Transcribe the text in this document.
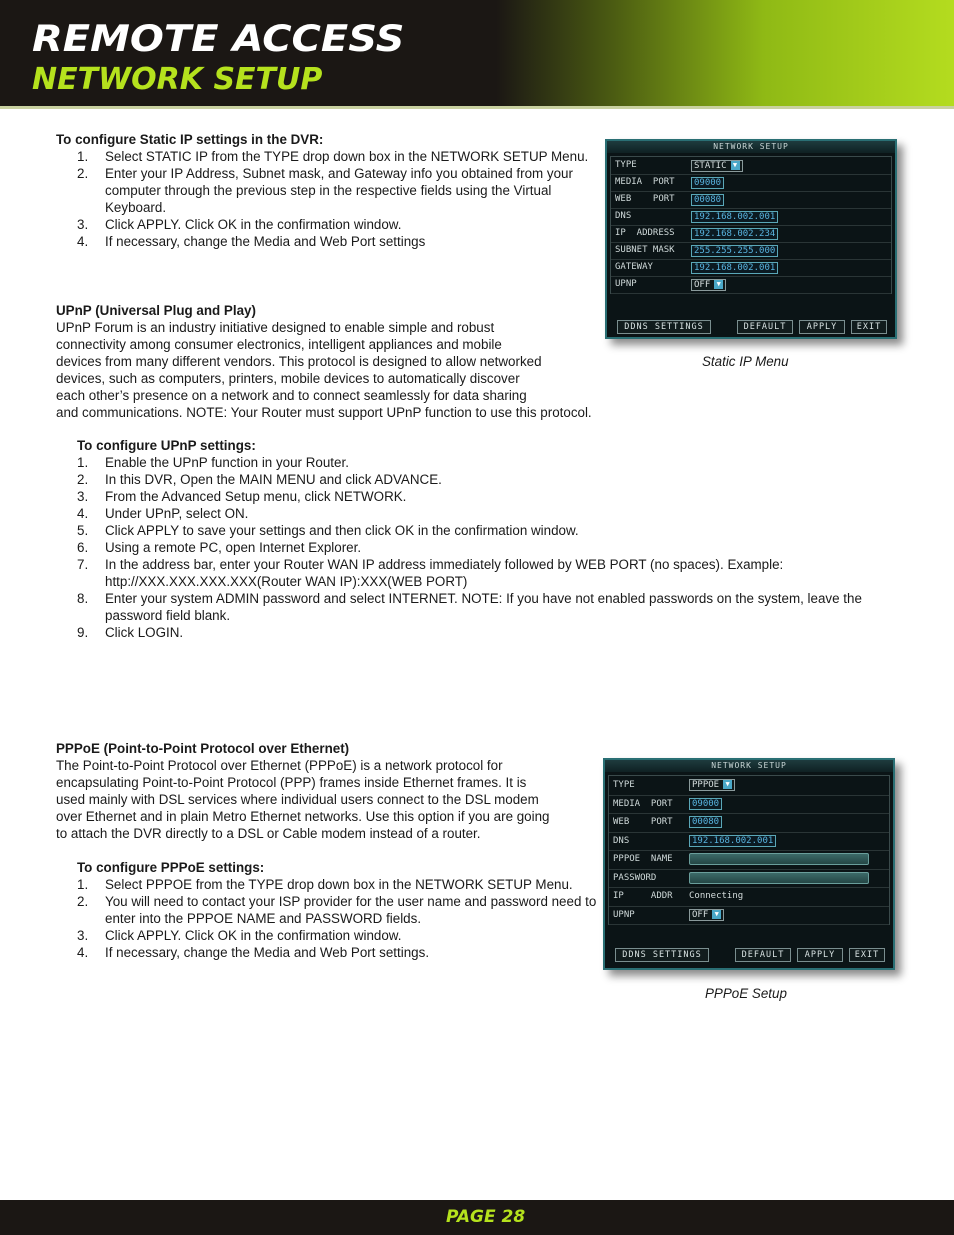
REMOTE ACCESS
NETWORK SETUP
To configure Static IP settings in the DVR:
1. Select STATIC IP from the TYPE drop down box in the NETWORK SETUP Menu.
2. Enter your IP Address, Subnet mask, and Gateway info you obtained from your computer through the previous step in the respective fields using the Virtual Keyboard.
3. Click APPLY. Click OK in the confirmation window.
4. If necessary, change the Media and Web Port settings
NETWORK SETUP
TYPE	STATIC ▼
MEDIA  PORT	09000
WEB    PORT	00080
DNS	192.168.002.001
IP  ADDRESS	192.168.002.234
SUBNET MASK	255.255.255.000
GATEWAY	192.168.002.001
UPNP	OFF ▼
DDNS SETTINGS	DEFAULT	APPLY	EXIT
Static IP Menu
UPnP (Universal Plug and Play)
UPnP Forum is an industry initiative designed to enable simple and robust
connectivity among consumer electronics, intelligent appliances and mobile
devices from many different vendors. This protocol is designed to allow networked
devices, such as computers, printers, mobile devices to automatically discover
each other’s presence on a network and to connect seamlessly for data sharing
and communications. NOTE: Your Router must support UPnP function to use this protocol.
To configure UPnP settings:
1. Enable the UPnP function in your Router.
2. In this DVR, Open the MAIN MENU and click ADVANCE.
3. From the Advanced Setup menu, click NETWORK.
4. Under UPnP, select ON.
5. Click APPLY to save your settings and then click OK in the confirmation window.
6. Using a remote PC, open Internet Explorer.
7. In the address bar, enter your Router WAN IP address immediately followed by WEB PORT (no spaces). Example: http://XXX.XXX.XXX.XXX(Router WAN IP):XXX(WEB PORT)
8. Enter your system ADMIN password and select INTERNET. NOTE: If you have not enabled passwords on the system, leave the password field blank.
9. Click LOGIN.
PPPoE (Point-to-Point Protocol over Ethernet)
The Point-to-Point Protocol over Ethernet (PPPoE) is a network protocol for
encapsulating Point-to-Point Protocol (PPP) frames inside Ethernet frames. It is
used mainly with DSL services where individual users connect to the DSL modem
over Ethernet and in plain Metro Ethernet networks. Use this option if you are going
to attach the DVR directly to a DSL or Cable modem instead of a router.
To configure PPPoE settings:
1. Select PPPOE from the TYPE drop down box in the NETWORK SETUP Menu.
2. You will need to contact your ISP provider for the user name and password need to enter into the PPPOE NAME and PASSWORD fields.
3. Click APPLY. Click OK in the confirmation window.
4. If necessary, change the Media and Web Port settings.
NETWORK SETUP
TYPE	PPPOE ▼
MEDIA  PORT	09000
WEB    PORT	00080
DNS	192.168.002.001
PPPOE  NAME
PASSWORD
IP     ADDR Connecting
UPNP	OFF ▼
DDNS SETTINGS	DEFAULT	APPLY	EXIT
PPPoE Setup
PAGE 28
